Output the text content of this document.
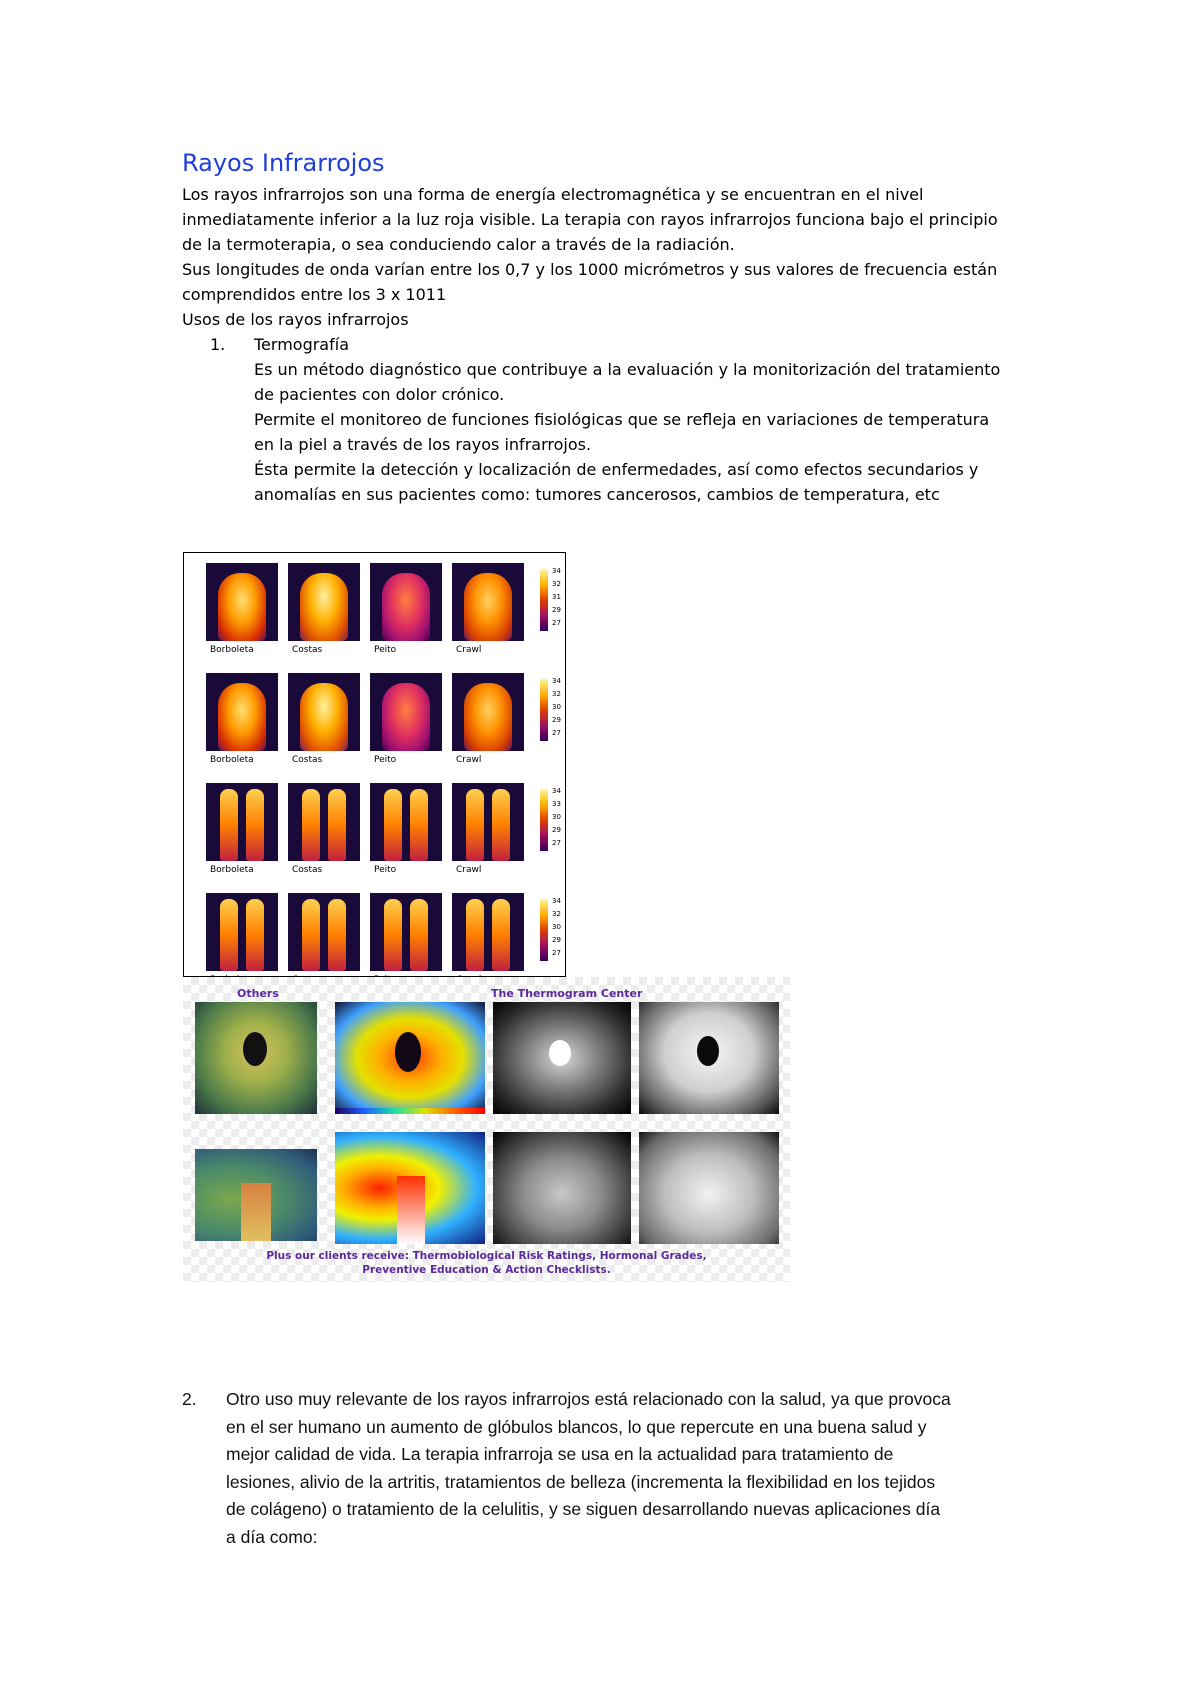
Rayos Infrarrojos

Los rayos infrarrojos son una forma de energía electromagnética y se encuentran en el nivel

inmediatamente inferior a la luz roja visible. La terapia con rayos infrarrojos funciona bajo el principio

de la termoterapia, o sea conduciendo calor a través de la radiación.

Sus longitudes de onda varían entre los 0,7 y los 1000 micrómetros y sus valores de frecuencia están

comprendidos entre los 3 x 1011

Usos de los rayos infrarrojos

1.	Termografía

Es un método diagnóstico que contribuye a la evaluación y la monitorización del tratamiento

de pacientes con dolor crónico.

Permite el monitoreo de funciones fisiológicas que se refleja en variaciones de temperatura

en la piel a través de los rayos infrarrojos.

Ésta permite la detección y localización de enfermedades, así como efectos secundarios y

anomalías en sus pacientes como: tumores cancerosos, cambios de temperatura, etc

Borboleta	Costas	Peito	Crawl
34
32
31
29
27
Borboleta	Costas	Peito	Crawl
34
32
30
29
27
Borboleta	Costas	Peito	Crawl
34
33
30
29
27
34
32
30
29
27
Others	The Thermogram Center
Plus our clients receive: Thermobiological Risk Ratings, Hormonal Grades,
Preventive Education & Action Checklists.
2.	Otro uso muy relevante de los rayos infrarrojos está relacionado con la salud, ya que provoca
en el ser humano un aumento de glóbulos blancos, lo que repercute en una buena salud y
mejor calidad de vida. La terapia infrarroja se usa en la actualidad para tratamiento de
lesiones, alivio de la artritis, tratamientos de belleza (incrementa la flexibilidad en los tejidos
de colágeno) o tratamiento de la celulitis, y se siguen desarrollando nuevas aplicaciones día
a día como:
